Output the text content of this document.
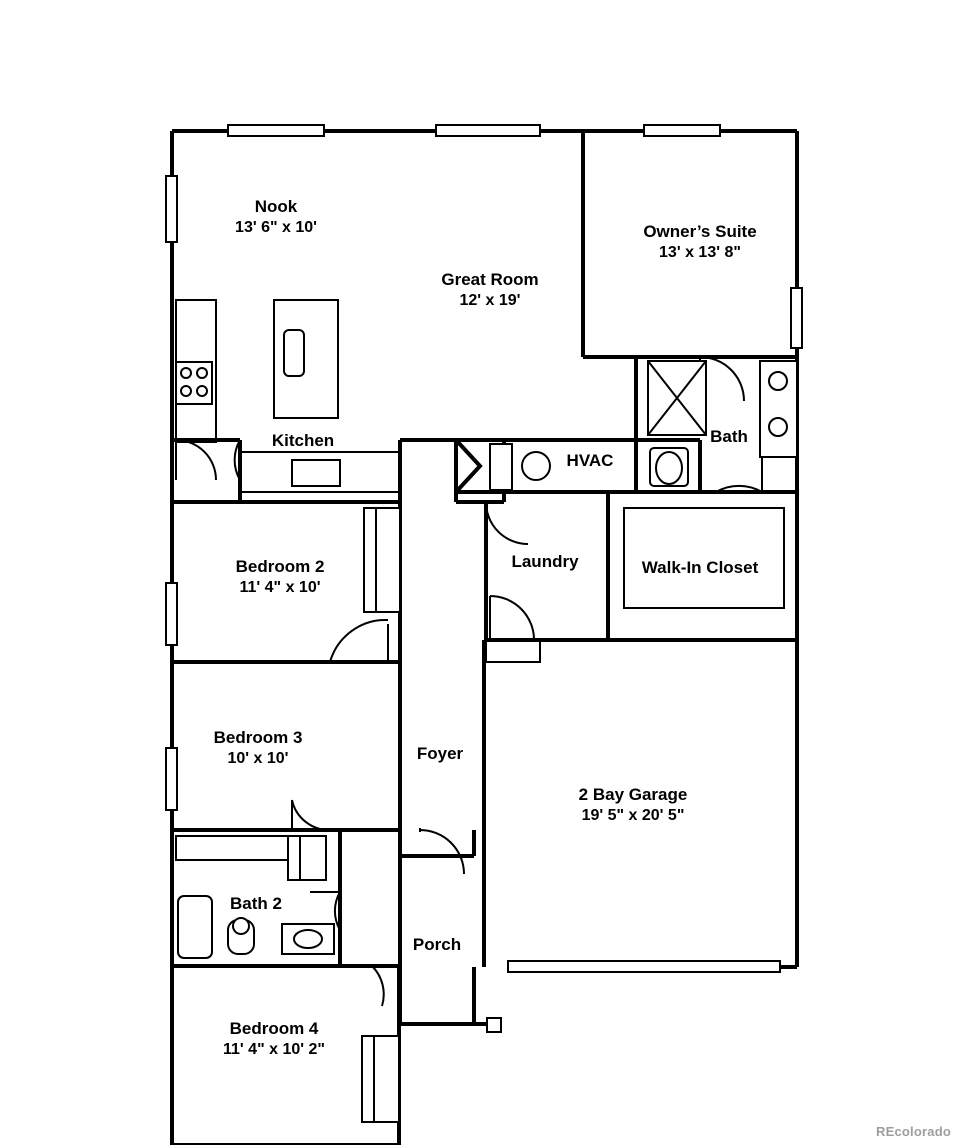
Nook
13' 6" x 10'	Owner’s Suite
13' x 13' 8"
Great Room
12' x 19'
Kitchen	Bath
HVAC
Bedroom 2
11' 4" x 10'
Laundry	Walk-In Closet
Bedroom 3
10' x 10'	Foyer
2 Bay Garage
19' 5" x 20' 5"
Bath 2
Porch
Bedroom 4
11' 4" x 10' 2"
REcolorado
